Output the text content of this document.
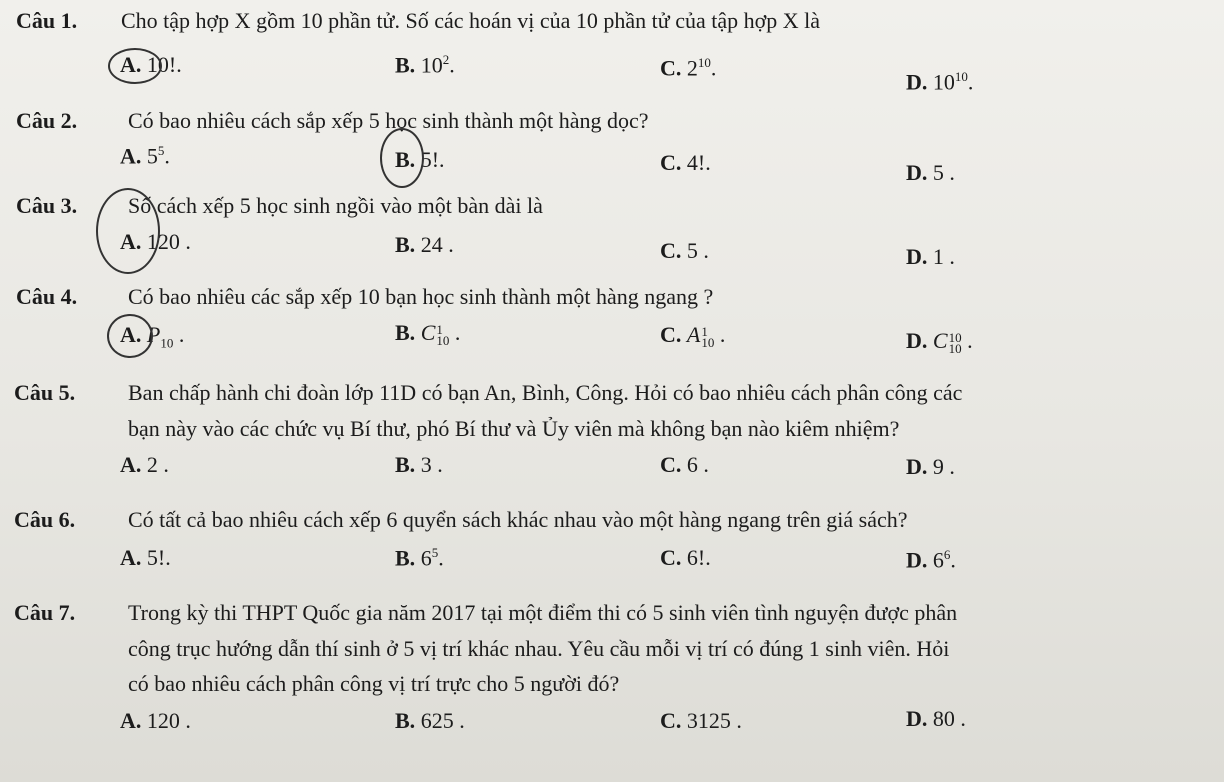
Câu 1. Cho tập hợp X gồm 10 phần tử. Số các hoán vị của 10 phần tử của tập hợp X là
A. 10!.	B. $10^2$.	C. $2^{10}$.
D. $10^{10}$.
Câu 2. Có bao nhiêu cách sắp xếp 5 học sinh thành một hàng dọc?
A. $5^5$.	B. 5!.	C. 4!.	D. 5 .
Câu 3. Số cách xếp 5 học sinh ngồi vào một bàn dài là
A. 120 .	B. 24 .	C. 5 .	D. 1 .
Câu 4. Có bao nhiêu các sắp xếp 10 bạn học sinh thành một hàng ngang ?
A. $P_{10}$ .	B. C1
10 .	C. A1
10 .	D. C10
10 .
Câu 5. Ban chấp hành chi đoàn lớp 11D có bạn An, Bình, Công. Hỏi có bao nhiêu cách phân công các
bạn này vào các chức vụ Bí thư, phó Bí thư và Ủy viên mà không bạn nào kiêm nhiệm?
A. 2 .	B. 3 .	C. 6 .	D. 9 .
Câu 6. Có tất cả bao nhiêu cách xếp 6 quyển sách khác nhau vào một hàng ngang trên giá sách?
A. 5!.	B. $6^5$.	C. 6!.	D. $6^6$.
Câu 7. Trong kỳ thi THPT Quốc gia năm 2017 tại một điểm thi có 5 sinh viên tình nguyện được phân
công trục hướng dẫn thí sinh ở 5 vị trí khác nhau. Yêu cầu mỗi vị trí có đúng 1 sinh viên. Hỏi
có bao nhiêu cách phân công vị trí trực cho 5 người đó?
A. 120 .	B. 625 .	C. 3125 .	D. 80 .
